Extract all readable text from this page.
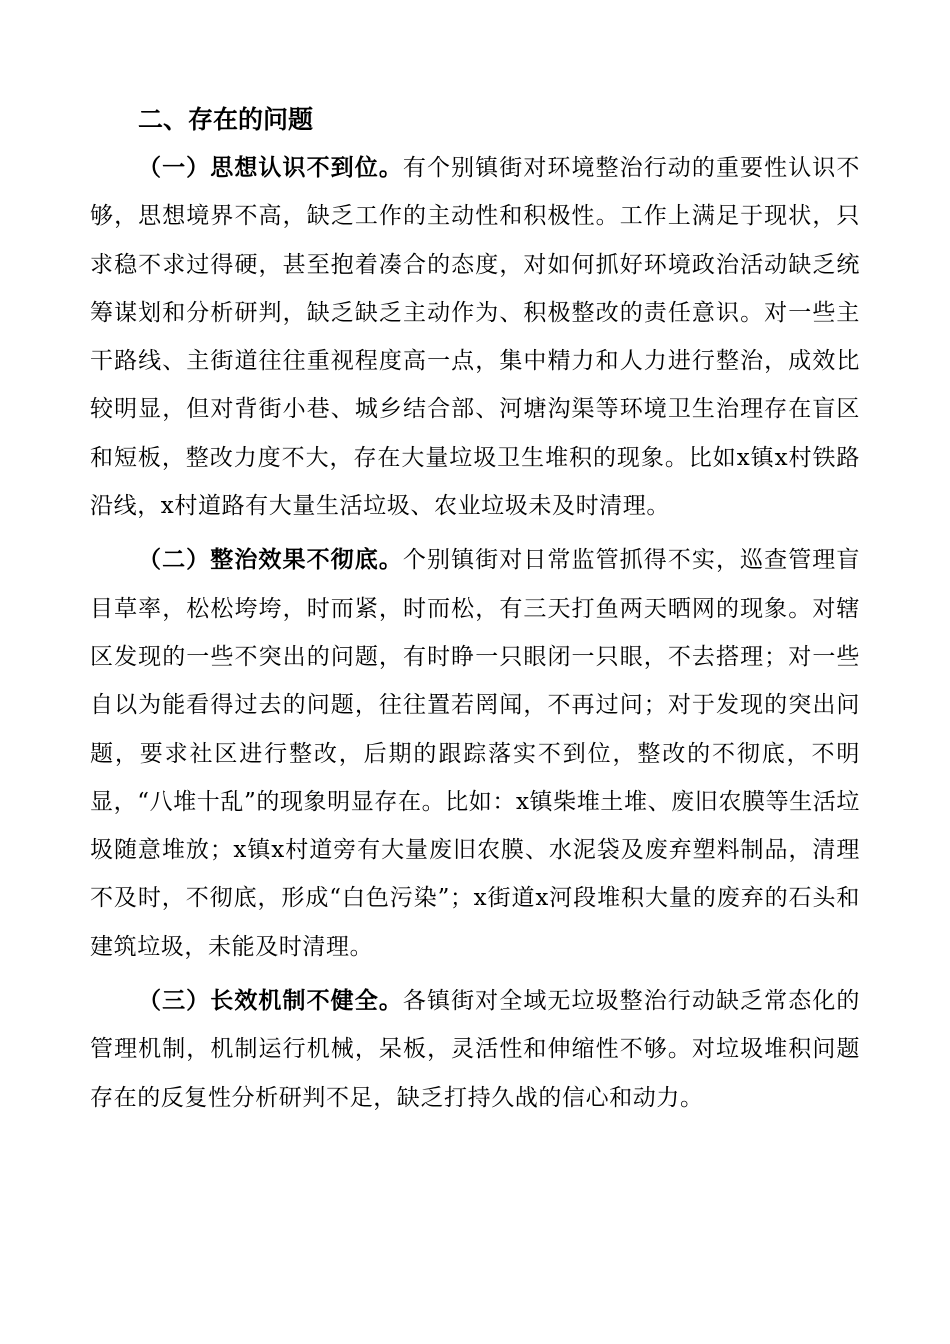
二、存在的问题

（一）思想认识不到位。有个别镇街对环境整治行动的重要性认识不够，思想境界不高，缺乏工作的主动性和积极性。工作上满足于现状，只求稳不求过得硬，甚至抱着凑合的态度，对如何抓好环境政治活动缺乏统筹谋划和分析研判，缺乏缺乏主动作为、积极整改的责任意识。对一些主干路线、主街道往往重视程度高一点，集中精力和人力进行整治，成效比较明显，但对背街小巷、城乡结合部、河塘沟渠等环境卫生治理存在盲区和短板，整改力度不大，存在大量垃圾卫生堆积的现象。比如x镇x村铁路沿线，x村道路有大量生活垃圾、农业垃圾未及时清理。

（二）整治效果不彻底。个别镇街对日常监管抓得不实，巡查管理盲目草率，松松垮垮，时而紧，时而松，有三天打鱼两天晒网的现象。对辖区发现的一些不突出的问题，有时睁一只眼闭一只眼，不去搭理；对一些自以为能看得过去的问题，往往置若罔闻，不再过问；对于发现的突出问题，要求社区进行整改，后期的跟踪落实不到位，整改的不彻底，不明显，“八堆十乱”的现象明显存在。比如：x镇柴堆土堆、废旧农膜等生活垃圾随意堆放；x镇x村道旁有大量废旧农膜、水泥袋及废弃塑料制品，清理不及时，不彻底，形成“白色污染”；x街道x河段堆积大量的废弃的石头和建筑垃圾，未能及时清理。

（三）长效机制不健全。各镇街对全域无垃圾整治行动缺乏常态化的管理机制，机制运行机械，呆板，灵活性和伸缩性不够。对垃圾堆积问题存在的反复性分析研判不足，缺乏打持久战的信心和动力。
